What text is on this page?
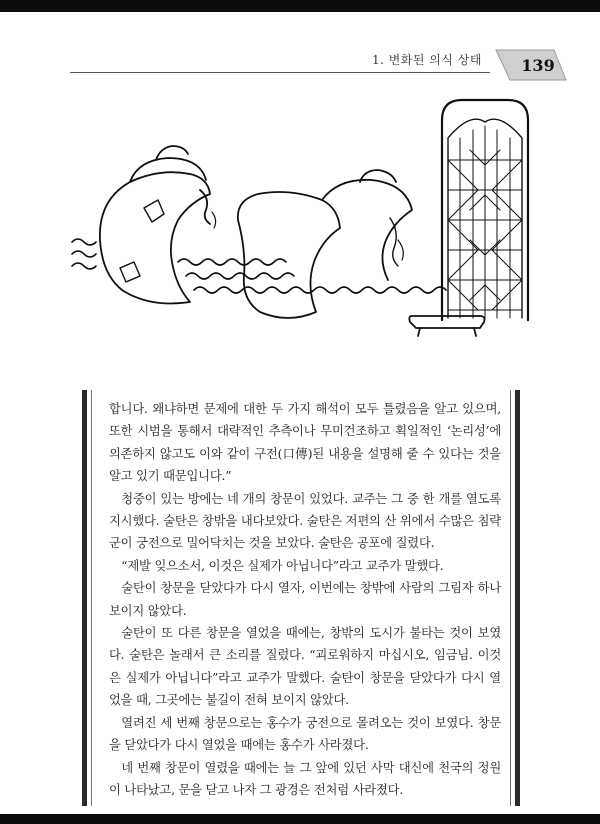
1. 변화된 의식 상태	139

합니다. 왜냐하면 문제에 대한 두 가지 해석이 모두 틀렸음을 알고 있으며, 또한 시범을 통해서 대략적인 추측이나 무미건조하고 획일적인 ‘논리성’에 의존하지 않고도 이와 같이 구전(口傳)된 내용을 설명해 줄 수 있다는 것을 알고 있기 때문입니다.”

청중이 있는 방에는 네 개의 창문이 있었다. 교주는 그 중 한 개를 열도록 지시했다. 술탄은 창밖을 내다보았다. 술탄은 저편의 산 위에서 수많은 침략군이 궁전으로 밀어닥치는 것을 보았다. 술탄은 공포에 질렸다.

“제발 잊으소서, 이것은 실제가 아닙니다”라고 교주가 말했다.

술탄이 창문을 닫았다가 다시 열자, 이번에는 창밖에 사람의 그림자 하나 보이지 않았다.

술탄이 또 다른 창문을 열었을 때에는, 창밖의 도시가 불타는 것이 보였다. 술탄은 놀래서 큰 소리를 질렀다. “괴로워하지 마십시오, 임금님. 이것은 실제가 아닙니다”라고 교주가 말했다. 술탄이 창문을 닫았다가 다시 열었을 때, 그곳에는 불길이 전혀 보이지 않았다.

열려진 세 번째 창문으로는 홍수가 궁전으로 몰려오는 것이 보였다. 창문을 닫았다가 다시 열었을 때에는 홍수가 사라졌다.

네 번째 창문이 열렸을 때에는 늘 그 앞에 있던 사막 대신에 천국의 정원이 나타났고, 문을 닫고 나자 그 광경은 전처럼 사라졌다.
